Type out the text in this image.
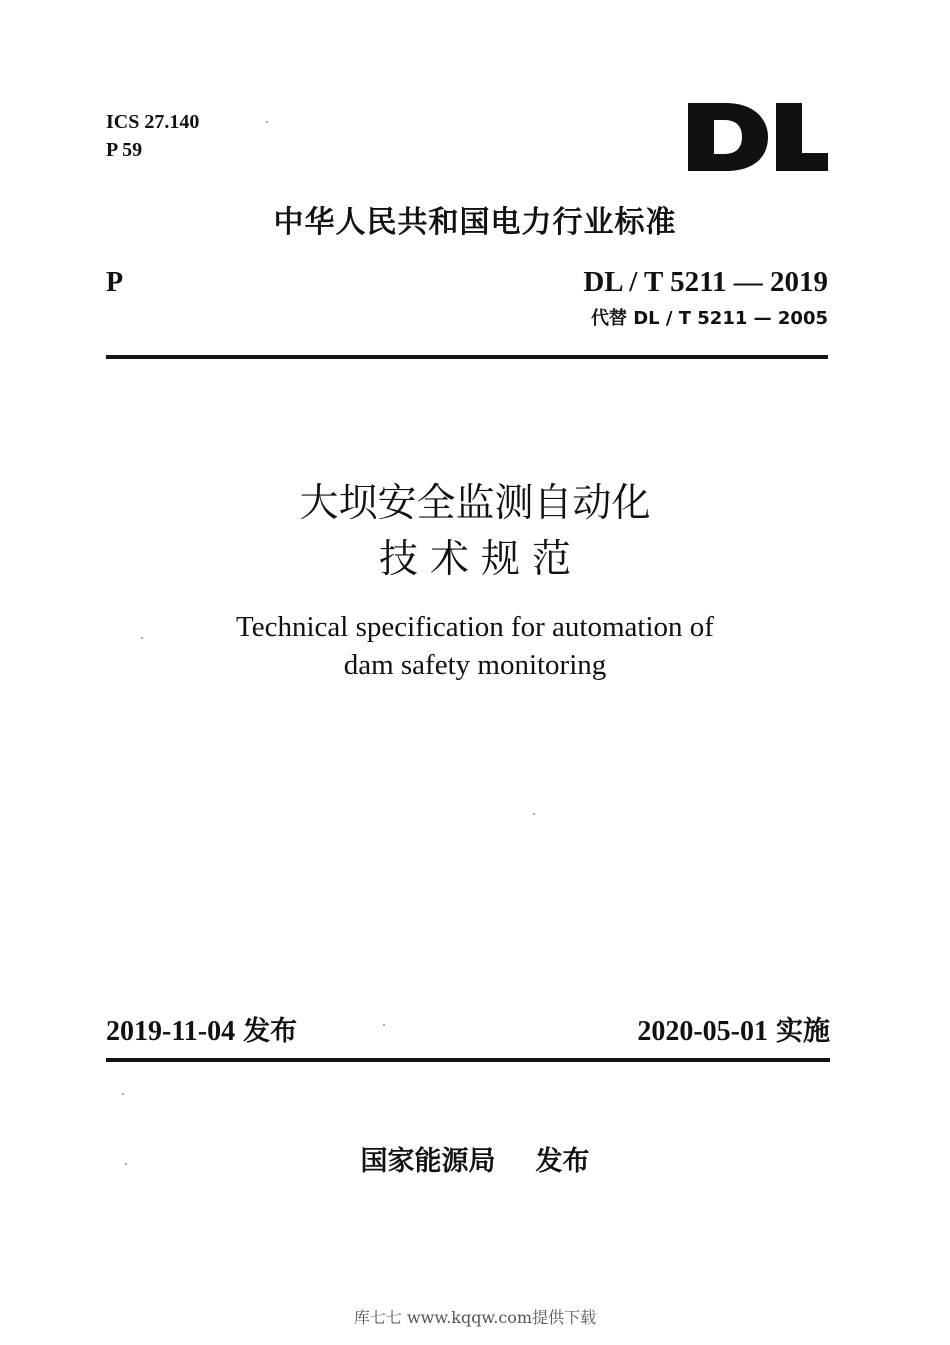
ICS 27.140
P 59
中华人民共和国电力行业标准
P	DL / T 5211 — 2019
代替 DL / T 5211 — 2005
大坝安全监测自动化
技术规范
Technical specification for automation of
dam safety monitoring
2019-11-04 发布	2020-05-01 实施
国家能源局 发布
库七七 www.kqqw.com提供下载
